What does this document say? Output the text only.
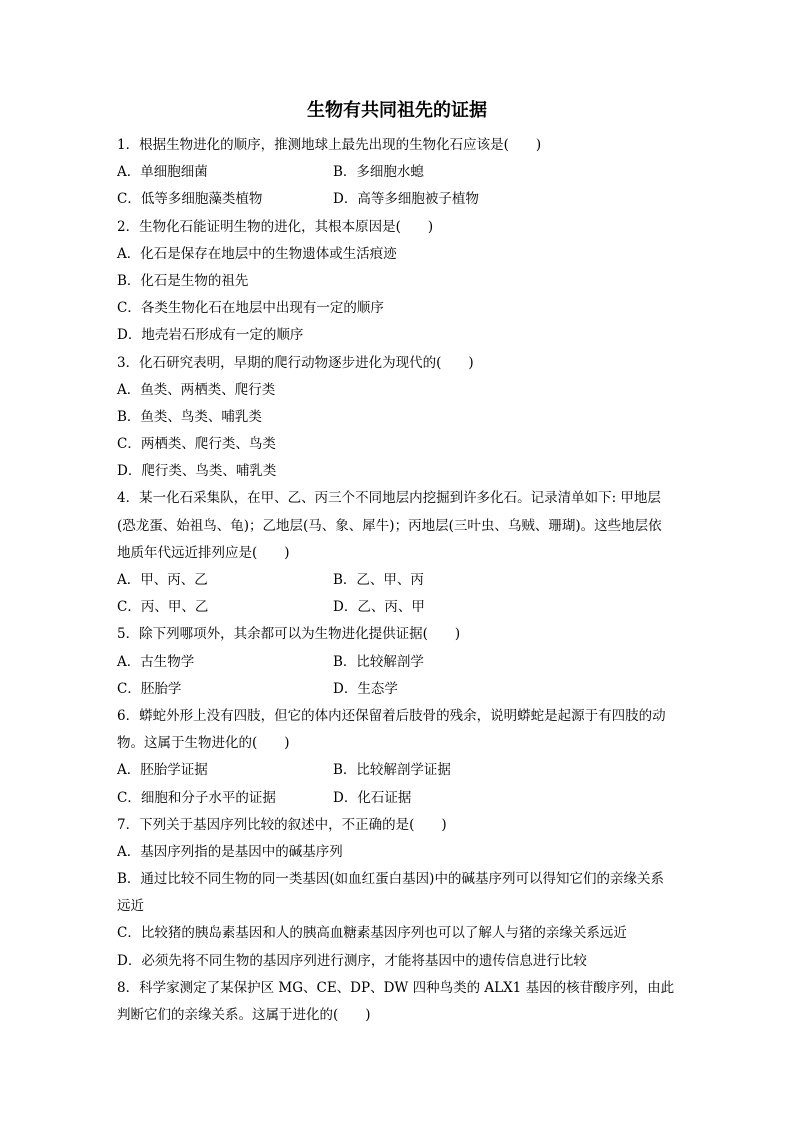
生物有共同祖先的证据
1．根据生物进化的顺序，推测地球上最先出现的生物化石应该是(　　)
A．单细胞细菌	B．多细胞水螅
C．低等多细胞藻类植物	D．高等多细胞被子植物
2．生物化石能证明生物的进化，其根本原因是(　　)
A．化石是保存在地层中的生物遗体或生活痕迹
B．化石是生物的祖先
C．各类生物化石在地层中出现有一定的顺序
D．地壳岩石形成有一定的顺序
3．化石研究表明，早期的爬行动物逐步进化为现代的(　　)
A．鱼类、两栖类、爬行类
B．鱼类、鸟类、哺乳类
C．两栖类、爬行类、鸟类
D．爬行类、鸟类、哺乳类
4．某一化石采集队，在甲、乙、丙三个不同地层内挖掘到许多化石。记录清单如下: 甲地层
(恐龙蛋、始祖鸟、龟)；乙地层(马、象、犀牛)；丙地层(三叶虫、乌贼、珊瑚)。这些地层依
地质年代远近排列应是(　　)
A．甲、丙、乙	B．乙、甲、丙
C．丙、甲、乙	D．乙、丙、甲
5．除下列哪项外，其余都可以为生物进化提供证据(　　)
A．古生物学	B．比较解剖学
C．胚胎学	D．生态学
6．蟒蛇外形上没有四肢，但它的体内还保留着后肢骨的残余，说明蟒蛇是起源于有四肢的动
物。这属于生物进化的(　　)
A．胚胎学证据	B．比较解剖学证据
C．细胞和分子水平的证据	D．化石证据
7．下列关于基因序列比较的叙述中，不正确的是(　　)
A．基因序列指的是基因中的碱基序列
B．通过比较不同生物的同一类基因(如血红蛋白基因)中的碱基序列可以得知它们的亲缘关系
远近
C．比较猪的胰岛素基因和人的胰高血糖素基因序列也可以了解人与猪的亲缘关系远近
D．必须先将不同生物的基因序列进行测序，才能将基因中的遗传信息进行比较
8．科学家测定了某保护区 MG、CE、DP、DW 四种鸟类的 ALX1 基因的核苷酸序列，由此
判断它们的亲缘关系。这属于进化的(　　)
